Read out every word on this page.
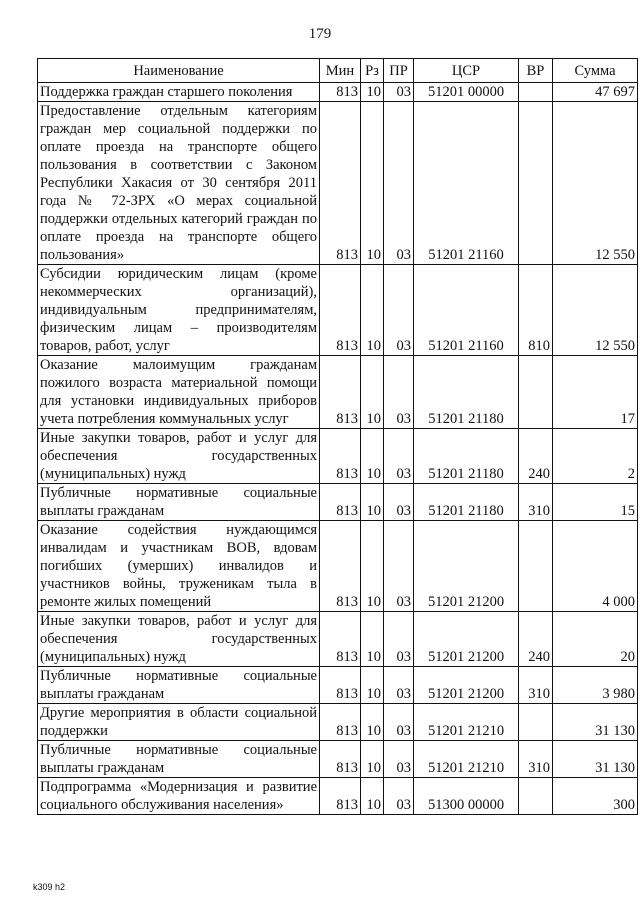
179
Наименование	Мин	Рз	ПР	ЦСР	ВР	Сумма
Поддержка граждан старшего поколения	813	10	03	51201 00000		47 697
Предоставление отдельным категориям граждан мер социальной поддержки по оплате проезда на транспорте общего пользования в соответствии с Законом Республики Хакасия от 30 сентября 2011 года № 72-ЗРХ «О мерах социальной поддержки отдельных категорий граждан по оплате проезда на транспорте общего пользования»	813	10	03	51201 21160		12 550
Субсидии юридическим лицам (кроме некоммерческих организаций), индивидуальным предпринимателям, физическим лицам – производителям товаров, работ, услуг	813	10	03	51201 21160	810	12 550
Оказание малоимущим гражданам пожилого возраста материальной помощи для установки индивидуальных приборов учета потребления коммунальных услуг	813	10	03	51201 21180		17
Иные закупки товаров, работ и услуг для обеспечения государственных (муниципальных) нужд	813	10	03	51201 21180	240	2
Публичные нормативные социальные выплаты гражданам	813	10	03	51201 21180	310	15
Оказание содействия нуждающимся инвалидам и участникам ВОВ, вдовам погибших (умерших) инвалидов и участников войны, труженикам тыла в ремонте жилых помещений	813	10	03	51201 21200		4 000
Иные закупки товаров, работ и услуг для обеспечения государственных (муниципальных) нужд	813	10	03	51201 21200	240	20
Публичные нормативные социальные выплаты гражданам	813	10	03	51201 21200	310	3 980
Другие мероприятия в области социальной поддержки	813	10	03	51201 21210		31 130
Публичные нормативные социальные выплаты гражданам	813	10	03	51201 21210	310	31 130
Подпрограмма «Модернизация и развитие социального обслуживания населения»	813	10	03	51300 00000		300
k309 h2
